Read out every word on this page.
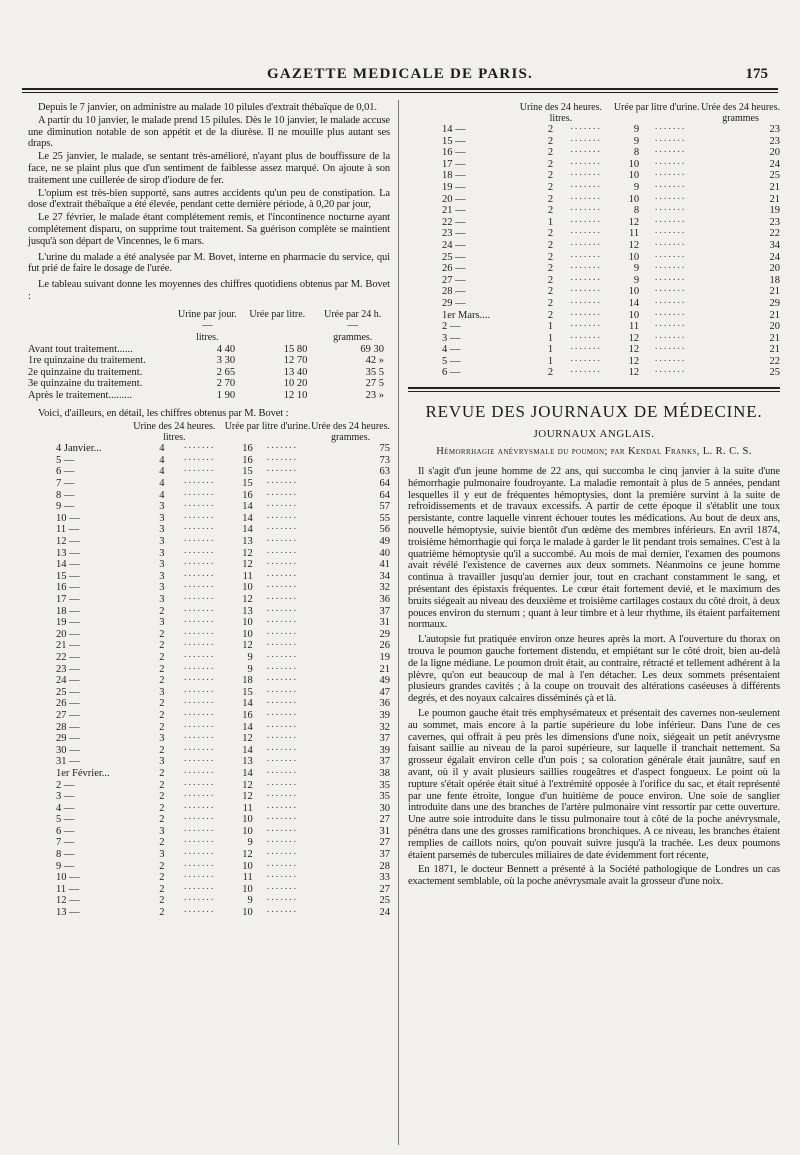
GAZETTE MEDICALE DE PARIS.	175

Depuis le 7 janvier, on administre au malade 10 pilules d'extrait thébaïque de 0,01.

A partir du 10 janvier, le malade prend 15 pilules. Dès le 10 janvier, le malade accuse une diminution notable de son appétit et de la diurèse. Il ne mouille plus autant ses draps.

Le 25 janvier, le malade, se sentant très-amélioré, n'ayant plus de bouffissure de la face, ne se plaint plus que d'un sentiment de faiblesse assez marqué. On ajoute à son traitement une cuillerée de sirop d'iodure de fer.

L'opium est très-bien supporté, sans autres accidents qu'un peu de constipation. La dose d'extrait thébaïque a été élevée, pendant cette dernière période, à 0,20 par jour,

Le 27 février, le malade étant complétement remis, et l'incontinence nocturne ayant complétement disparu, on supprime tout traitement. Sa guérison complète se maintient jusqu'à son départ de Vincennes, le 6 mars.

L'urine du malade a été analysée par M. Bovet, interne en pharmacie du service, qui fut prié de faire le dosage de l'urée.

Le tableau suivant donne les moyennes des chiffres quotidiens obtenus par M. Bovet :

	Urine par jour.	Urée par litre.	Urée par 24 h.
	—		—
	litres.		grammes.
Avant tout traitement......	4 40	15 80	69 30
1re quinzaine du traitement.	3 30	12 70	42 »
2e quinzaine du traitement.	2 65	13 40	35 5
3e quinzaine du traitement.	2 70	10 20	27 5
Après le traitement.........	1 90	12 10	23 »

Voici, d'ailleurs, en détail, les chiffres obtenus par M. Bovet :

	Urine des 24 heures.		Urée par litre d'urine.		Urée des 24 heures.
	litres.				grammes.
4 Janvier...	4	·······	16	·······	75
5 —	4	·······	16	·······	73
6 —	4	·······	15	·······	63
7 —	4	·······	15	·······	64
8 —	4	·······	16	·······	64
9 —	3	·······	14	·······	57
10 —	3	·······	14	·······	55
11 —	3	·······	14	·······	56
12 —	3	·······	13	·······	49
13 —	3	·······	12	·······	40
14 —	3	·······	12	·······	41
15 —	3	·······	11	·······	34
16 —	3	·······	10	·······	32
17 —	3	·······	12	·······	36
18 —	2	·······	13	·······	37
19 —	3	·······	10	·······	31
20 —	2	·······	10	·······	29
21 —	2	·······	12	·······	26
22 —	2	·······	9	·······	19
23 —	2	·······	9	·······	21
24 —	2	·······	18	·······	49
25 —	3	·······	15	·······	47
26 —	2	·······	14	·······	36
27 —	2	·······	16	·······	39
28 —	2	·······	14	·······	32
29 —	3	·······	12	·······	37
30 —	2	·······	14	·······	39
31 —	3	·······	13	·······	37
1er Février...	2	·······	14	·······	38
2 —	2	·······	12	·······	35
3 —	2	·······	12	·······	35
4 —	2	·······	11	·······	30
5 —	2	·······	10	·······	27
6 —	3	·······	10	·······	31
7 —	2	·······	9	·······	27
8 —	3	·······	12	·······	37
9 —	2	·······	10	·······	28
10 —	2	·······	11	·······	33
11 —	2	·······	10	·······	27
12 —	2	·······	9	·······	25
13 —	2	·······	10	·······	24
	Urine des 24 heures.		Urée par litre d'urine.		Urée des 24 heures.
	litres.				grammes
14 —	2	·······	9	·······	23
15 —	2	·······	9	·······	23
16 —	2	·······	8	·······	20
17 —	2	·······	10	·······	24
18 —	2	·······	10	·······	25
19 —	2	·······	9	·······	21
20 —	2	·······	10	·······	21
21 —	2	·······	8	·······	19
22 —	1	·······	12	·······	23
23 —	2	·······	11	·······	22
24 —	2	·······	12	·······	34
25 —	2	·······	10	·······	24
26 —	2	·······	9	·······	20
27 —	2	·······	9	·······	18
28 —	2	·······	10	·······	21
29 —	2	·······	14	·······	29
1er Mars....	2	·······	10	·······	21
2 —	1	·······	11	·······	20
3 —	1	·······	12	·······	21
4 —	1	·······	12	·······	21
5 —	1	·······	12	·······	22
6 —	2	·······	12	·······	25
REVUE DES JOURNAUX DE MÉDECINE.
JOURNAUX ANGLAIS.
Hémorrhagie anévrysmale du poumon; par Kendal Franks, L. R. C. S.

Il s'agit d'un jeune homme de 22 ans, qui succomba le cinq janvier à la suite d'une hémorrhagie pulmonaire foudroyante. La maladie remontait à plus de 5 années, pendant lesquelles il y eut de fréquentes hémoptysies, dont la première survint à la suite de refroidissements et de travaux excessifs. A partir de cette époque il s'établit une toux persistante, contre laquelle vinrent échouer toutes les médications. Au bout de deux ans, nouvelle hémoptysie, suivie bientôt d'un œdème des membres inférieurs. En avril 1874, troisième hémorrhagie qui força le malade à garder le lit pendant trois semaines. C'est à la quatrième hémoptysie qu'il a succombé. Au mois de mai dernier, l'examen des poumons avait révélé l'existence de cavernes aux deux sommets. Néanmoins ce jeune homme continua à travailler jusqu'au dernier jour, tout en crachant constamment le sang, et présentant des épistaxis fréquentes. Le cœur était fortement devié, et le maximum des bruits siégeait au niveau des deuxième et troisième cartilages costaux du côté droit, à deux pouces environ du sternum ; quant à leur timbre et à leur rhythme, ils étaient parfaitement normaux.

L'autopsie fut pratiquée environ onze heures après la mort. A l'ouverture du thorax on trouva le poumon gauche fortement distendu, et empiétant sur le côté droit, bien au-delà de la ligne médiane. Le poumon droit était, au contraire, rétracté et tellement adhérent à la plèvre, qu'on eut beaucoup de mal à l'en détacher. Les deux sommets présentaient plusieurs grandes cavités ; à la coupe on trouvait des altérations caséeuses à différents degrés, et des noyaux calcaires disséminés çà et là.

Le poumon gauche était très emphysémateux et présentait des cavernes non-seulement au sommet, mais encore à la partie supérieure du lobe inférieur. Dans l'une de ces cavernes, qui offrait à peu près les dimensions d'une noix, siégeait un petit anévrysme faisant saillie au niveau de la paroi supérieure, sur laquelle il tranchait nettement. Sa grosseur égalait environ celle d'un pois ; sa coloration générale était jaunâtre, sauf en avant, où il y avait plusieurs saillies rougeâtres et d'aspect fongueux. Le point où la rupture s'était opérée était situé à l'extrémité opposée à l'orifice du sac, et était représenté par une fente étroite, longue d'un huitième de pouce environ. Une soie de sanglier introduite dans une des branches de l'artère pulmonaire vint ressortir par cette ouverture. Une autre soie introduite dans le tissu pulmonaire tout à côté de la poche anévrysmale, pénétra dans une des grosses ramifications bronchiques. A ce niveau, les branches étaient remplies de caillots noirs, qu'on pouvait suivre jusqu'à la trachée. Les deux poumons étaient parsemés de tubercules miliaires de date évidemment fort récente,

En 1871, le docteur Bennett a présenté à la Société pathologique de Londres un cas exactement semblable, où la poche anévrysmale avait la grosseur d'une noix.
